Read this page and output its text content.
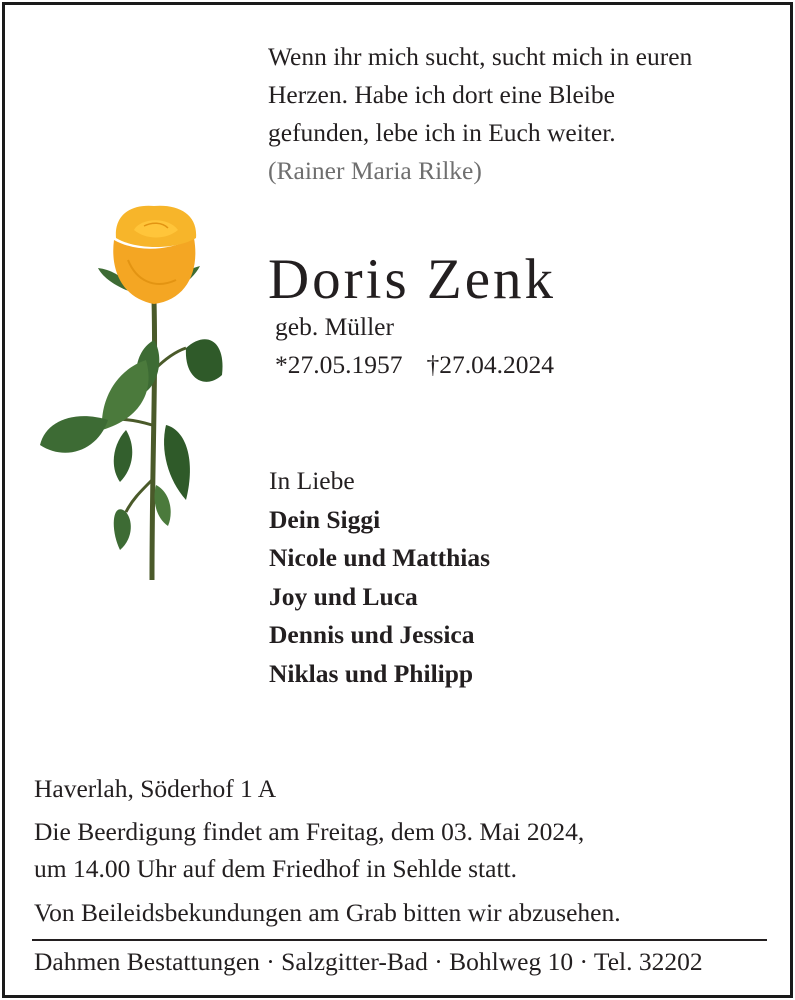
Wenn ihr mich sucht, sucht mich in euren
Herzen. Habe ich dort eine Bleibe
gefunden, lebe ich in Euch weiter.
(Rainer Maria Rilke)
Doris Zenk
geb. Müller
*27.05.1957 †27.04.2024
In Liebe
Dein Siggi
Nicole und Matthias
Joy und Luca
Dennis und Jessica
Niklas und Philipp
Haverlah, Söderhof 1 A
Die Beerdigung findet am Freitag, dem 03. Mai 2024,
um 14.00 Uhr auf dem Friedhof in Sehlde statt.
Von Beileidsbekundungen am Grab bitten wir abzusehen.
Dahmen Bestattungen · Salzgitter-Bad · Bohlweg 10 · Tel. 32202
